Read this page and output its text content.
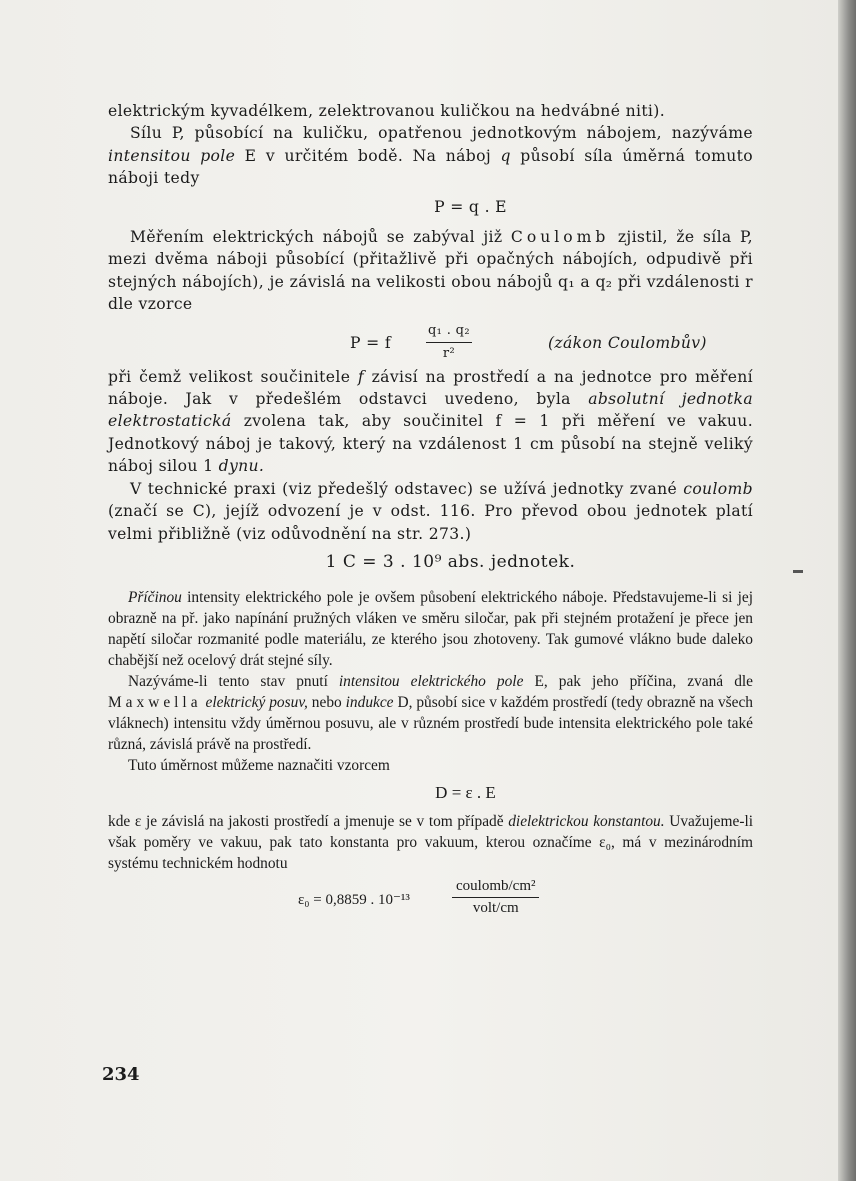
elektrickým kyvadélkem, zelektrovanou kuličkou na hedvábné niti).

Sílu P, působící na kuličku, opatřenou jednotkovým nábojem, nazýváme intensitou pole E v určitém bodě. Na náboj q působí síla úměrná tomuto náboji tedy

P = q . E

Měřením elektrických nábojů se zabýval již Coulomb zjistil, že síla P, mezi dvěma náboji působící (přitažlivě při opačných nábojích, odpudivě při stejných nábojích), je závislá na velikosti obou nábojů q₁ a q₂ při vzdálenosti r dle vzorce

P = f	$\frac{\text{q₁ . q₂}}{\text{r²}}$	(zákon Coulombův)

při čemž velikost součinitele f závisí na prostředí a na jednotce pro měření náboje. Jak v předešlém odstavci uvedeno, byla absolutní jednotka elektrostatická zvolena tak, aby součinitel f = 1 při měření ve vakuu. Jednotkový náboj je takový, který na vzdálenost 1 cm působí na stejně veliký náboj silou 1 dynu.

V technické praxi (viz předešlý odstavec) se užívá jednotky zvané coulomb (značí se C), jejíž odvození je v odst. 116. Pro převod obou jednotek platí velmi přibližně (viz odůvodnění na str. 273.)

1 C = 3 . 10⁹ abs. jednotek.

Příčinou intensity elektrického pole je ovšem působení elektrického náboje. Představujeme-li si jej obrazně na př. jako napínání pružných vláken ve směru siločar, pak při stejném protažení je přece jen napětí siločar rozmanité podle materiálu, ze kterého jsou zhotoveny. Tak gumové vlákno bude daleko chabější než ocelový drát stejné síly.

Nazýváme-li tento stav pnutí intensitou elektrického pole E, pak jeho příčina, zvaná dle Maxwella elektrický posuv, nebo indukce D, působí sice v každém prostředí (tedy obrazně na všech vláknech) intensitu vždy úměrnou posuvu, ale v různém prostředí bude intensita elektrického pole také různá, závislá právě na prostředí.

Tuto úměrnost můžeme naznačiti vzorcem

D = ε . E

kde ε je závislá na jakosti prostředí a jmenuje se v tom případě dielektrickou konstantou. Uvažujeme-li však poměry ve vakuu, pak tato konstanta pro vakuum, kterou označíme ε₀, má v mezinárodním systému technickém hodnotu

ε₀ = 0,8859 . 10⁻¹³
coulomb/cm²
volt/cm
234
